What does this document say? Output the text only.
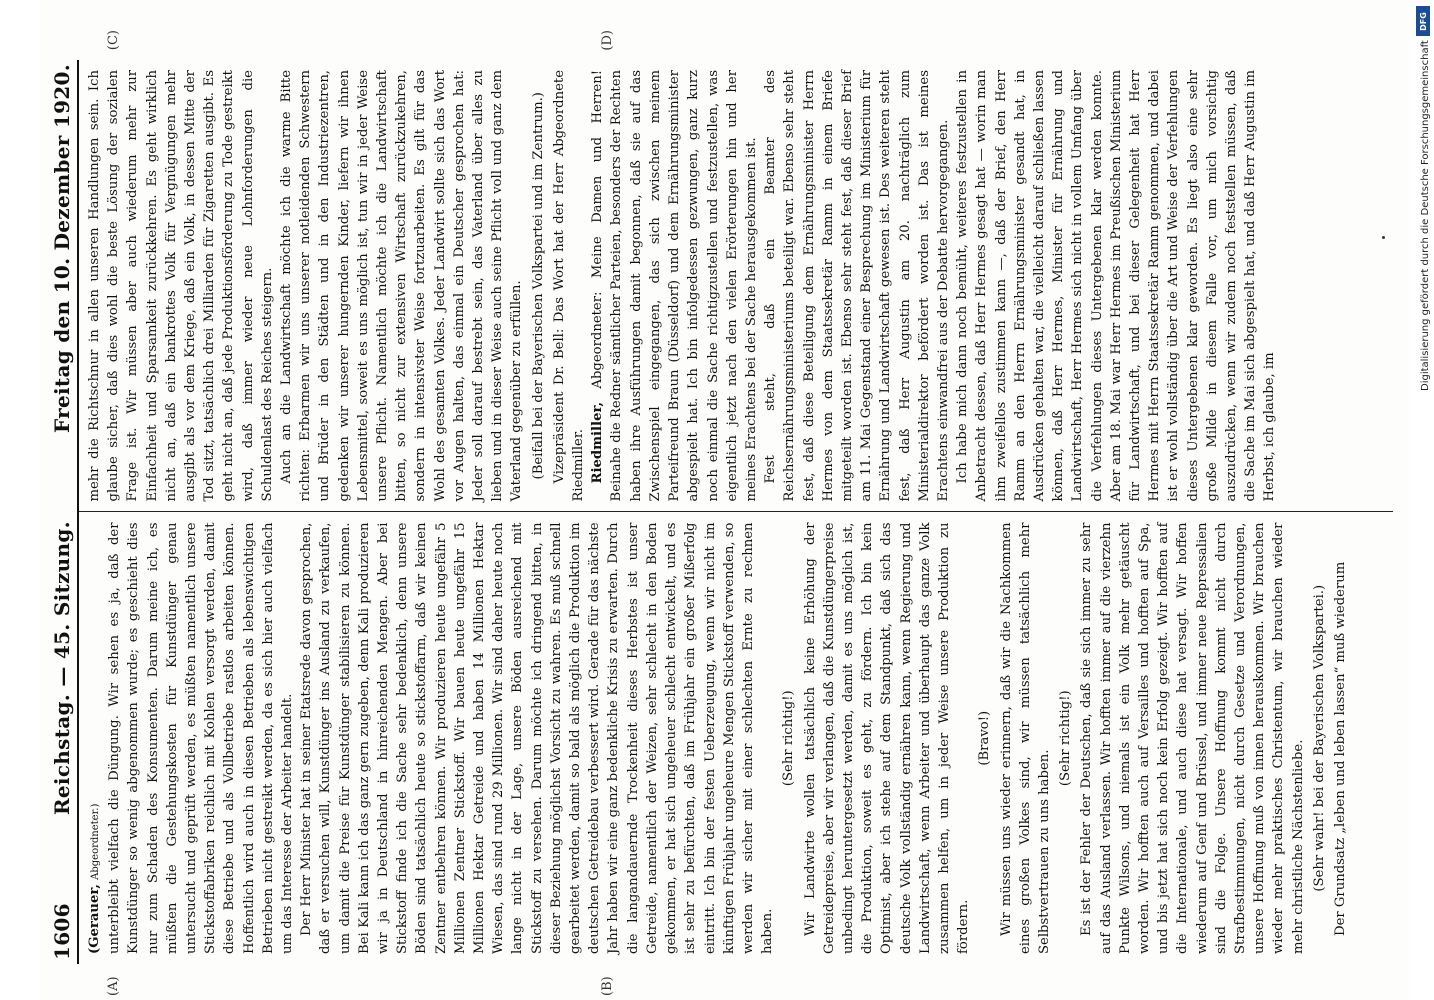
1606
Reichstag. — 45. Sitzung.
Freitag den 10. Dezember 1920.

(Gerauer, Abgeordneter.) unterbleibt vielfach die Düngung. Wir sehen es ja, daß der Kunstdünger so wenig abgenommen wurde; es geschieht dies nur zum Schaden des Konsumenten. Darum meine ich, es müßten die Gestehungskosten für Kunstdünger genau untersucht und geprüft werden, es müßten namentlich unsere Stickstoffabriken reichlich mit Kohlen versorgt werden, damit diese Betriebe und als Vollbetriebe rastlos arbeiten können. Hoffentlich wird auch in diesen Betrieben als lebenswichtigen Betrieben nicht gestreikt werden, da es sich hier auch vielfach um das Interesse der Arbeiter handelt. Der Herr Minister hat in seiner Etatsrede davon gesprochen, daß er versuchen will, Kunstdünger ins Ausland zu verkaufen, um damit die Preise für Kunstdünger stabilisieren zu können. Bei Kali kann ich das ganz gern zugeben, denn Kali produzieren wir ja in Deutschland in hinreichenden Mengen. Aber bei Stickstoff finde ich die Sache sehr bedenklich, denn unsere Böden sind tatsächlich heute so stickstoffarm, daß wir keinen Zentner entbehren können. Wir produzieren heute ungefähr 5 Millionen Zentner Stickstoff. Wir bauen heute ungefähr 15 Millionen Hektar Getreide und haben 14 Millionen Hektar Wiesen, das sind rund 29 Millionen. Wir sind daher heute noch lange nicht in der Lage, unsere Böden ausreichend mit Stickstoff zu versehen. Darum möchte ich dringend bitten, in dieser Beziehung möglichst Vorsicht zu wahren. Es muß schnell gearbeitet werden, damit so bald als möglich die Produktion im deutschen Getreidebau verbessert wird. Gerade für das nächste Jahr haben wir eine ganz bedenkliche Krisis zu erwarten. Durch die langandauernde Trockenheit dieses Herbstes ist unser Getreide, namentlich der Weizen, sehr schlecht in den Boden gekommen, er hat sich ungeheuer schlecht entwickelt, und es ist sehr zu befürchten, daß im Frühjahr ein großer Mißerfolg eintritt. Ich bin der festen Ueberzeugung, wenn wir nicht im künftigen Frühjahr ungeheure Mengen Stickstoff verwenden, so werden wir sicher mit einer schlechten Ernte zu rechnen haben.

(Sehr richtig!) Wir Landwirte wollen tatsächlich keine Erhöhung der Getreidepreise, aber wir verlangen, daß die Kunstdüngerpreise unbedingt heruntergesetzt werden, damit es uns möglich ist, die Produktion, soweit es geht, zu fördern. Ich bin kein Optimist, aber ich stehe auf dem Standpunkt, daß sich das deutsche Volk vollständig ernähren kann, wenn Regierung und Landwirtschaft, wenn Arbeiter und überhaupt das ganze Volk zusammen helfen, um in jeder Weise unsere Produktion zu fördern.

(Bravo!) Wir müssen uns wieder erinnern, daß wir die Nachkommen eines großen Volkes sind, wir müssen tatsächlich mehr Selbstvertrauen zu uns haben.

(Sehr richtig!) Es ist der Fehler der Deutschen, daß sie sich immer zu sehr auf das Ausland verlassen. Wir hofften immer auf die vierzehn Punkte Wilsons, und niemals ist ein Volk mehr getäuscht worden. Wir hofften auch auf Versailles und hofften auf Spa, und bis jetzt hat sich noch kein Erfolg gezeigt. Wir hofften auf die Internationale, und auch diese hat versagt. Wir hoffen wiederum auf Genf und Brüssel, und immer neue Repressalien sind die Folge. Unsere Hoffnung kommt nicht durch Strafbestimmungen, nicht durch Gesetze und Verordnungen, unsere Hoffnung muß von innen herauskommen. Wir brauchen wieder mehr praktisches Christentum, wir brauchen wieder mehr christliche Nächstenliebe. (Sehr wahr! bei der Bayerischen Volkspartei.) Der Grundsatz „leben und leben lassen“ muß wiederum

mehr die Richtschnur in allen unseren Handlungen sein. Ich glaube sicher, daß dies wohl die beste Lösung der sozialen Frage ist. Wir müssen aber auch wiederum mehr zur Einfachheit und Sparsamkeit zurückkehren. Es geht wirklich nicht an, daß ein bankrottes Volk für Vergnügungen mehr ausgibt als vor dem Kriege, daß ein Volk, in dessen Mitte der Tod sitzt, tatsächlich drei Milliarden für Zigaretten ausgibt. Es geht nicht an, daß jede Produktionsförderung zu Tode gestreikt wird, daß immer wieder neue Lohnforderungen die Schuldenlast des Reiches steigern. Auch an die Landwirtschaft möchte ich die warme Bitte richten: Erbarmen wir uns unserer notleidenden Schwestern und Brüder in den Städten und in den Industriezentren, gedenken wir unserer hungernden Kinder, liefern wir ihnen Lebensmittel, soweit es uns möglich ist, tun wir in jeder Weise unsere Pflicht. Namentlich möchte ich die Landwirtschaft bitten, so nicht zur extensiven Wirtschaft zurückzukehren, sondern in intensivster Weise fortzuarbeiten. Es gilt für das Wohl des gesamten Volkes. Jeder Landwirt sollte sich das Wort vor Augen halten, das einmal ein Deutscher gesprochen hat: Jeder soll darauf bestrebt sein, das Vaterland über alles zu lieben und in dieser Weise auch seine Pflicht voll und ganz dem Vaterland gegenüber zu erfüllen. (Beifall bei der Bayerischen Volkspartei und im Zentrum.) Vizepräsident Dr. Bell: Das Wort hat der Herr Abgeordnete Riedmiller. Riedmiller, Abgeordneter: Meine Damen und Herren! Beinahe die Redner sämtlicher Parteien, besonders der Rechten haben ihre Ausführungen damit begonnen, daß sie auf das Zwischenspiel eingegangen, das sich zwischen meinem Parteifreund Braun (Düsseldorf) und dem Ernährungsminister abgespielt hat. Ich bin infolgedessen gezwungen, ganz kurz noch einmal die Sache richtigzustellen und festzustellen, was eigentlich jetzt nach den vielen Erörterungen hin und her meines Erachtens bei der Sache herausgekommen ist. Fest steht, daß ein Beamter des Reichsernährungsministeriums beteiligt war. Ebenso sehr steht fest, daß diese Beteiligung dem Ernährungsminister Herrn Hermes von dem Staatssekretär Ramm in einem Briefe mitgeteilt worden ist. Ebenso sehr steht fest, daß dieser Brief am 11. Mai Gegenstand einer Besprechung im Ministerium für Ernährung und Landwirtschaft gewesen ist. Des weiteren steht fest, daß Herr Augustin am 20. nachträglich zum Ministerialdirektor befördert worden ist. Das ist meines Erachtens einwandfrei aus der Debatte hervorgegangen. Ich habe mich dann noch bemüht, weiteres festzustellen in Anbetracht dessen, daß Herr Hermes gesagt hat — worin man ihm zweifellos zustimmen kann —, daß der Brief, den Herr Ramm an den Herrn Ernährungsminister gesandt hat, in Ausdrücken gehalten war, die vielleicht darauf schließen lassen können, daß Herr Hermes, Minister für Ernährung und Landwirtschaft, Herr Hermes sich nicht in vollem Umfang über die Verfehlungen dieses Untergebenen klar werden konnte. Aber am 18. Mai war Herr Hermes im Preußischen Ministerium für Landwirtschaft, und bei dieser Gelegenheit hat Herr Hermes mit Herrn Staatssekretär Ramm genommen, und dabei ist er wohl vollständig über die Art und Weise der Verfehlungen dieses Untergebenen klar geworden. Es liegt also eine sehr große Milde in diesem Falle vor, um mich vorsichtig auszudrücken, wenn wir zudem noch feststellen müssen, daß die Sache im Mai sich abgespielt hat, und daß Herr Augustin im Herbst, ich glaube, im

(A)	(B)
(C)	(D)
DFG
Digitalisierung gefördert durch die Deutsche Forschungsgemeinschaft
